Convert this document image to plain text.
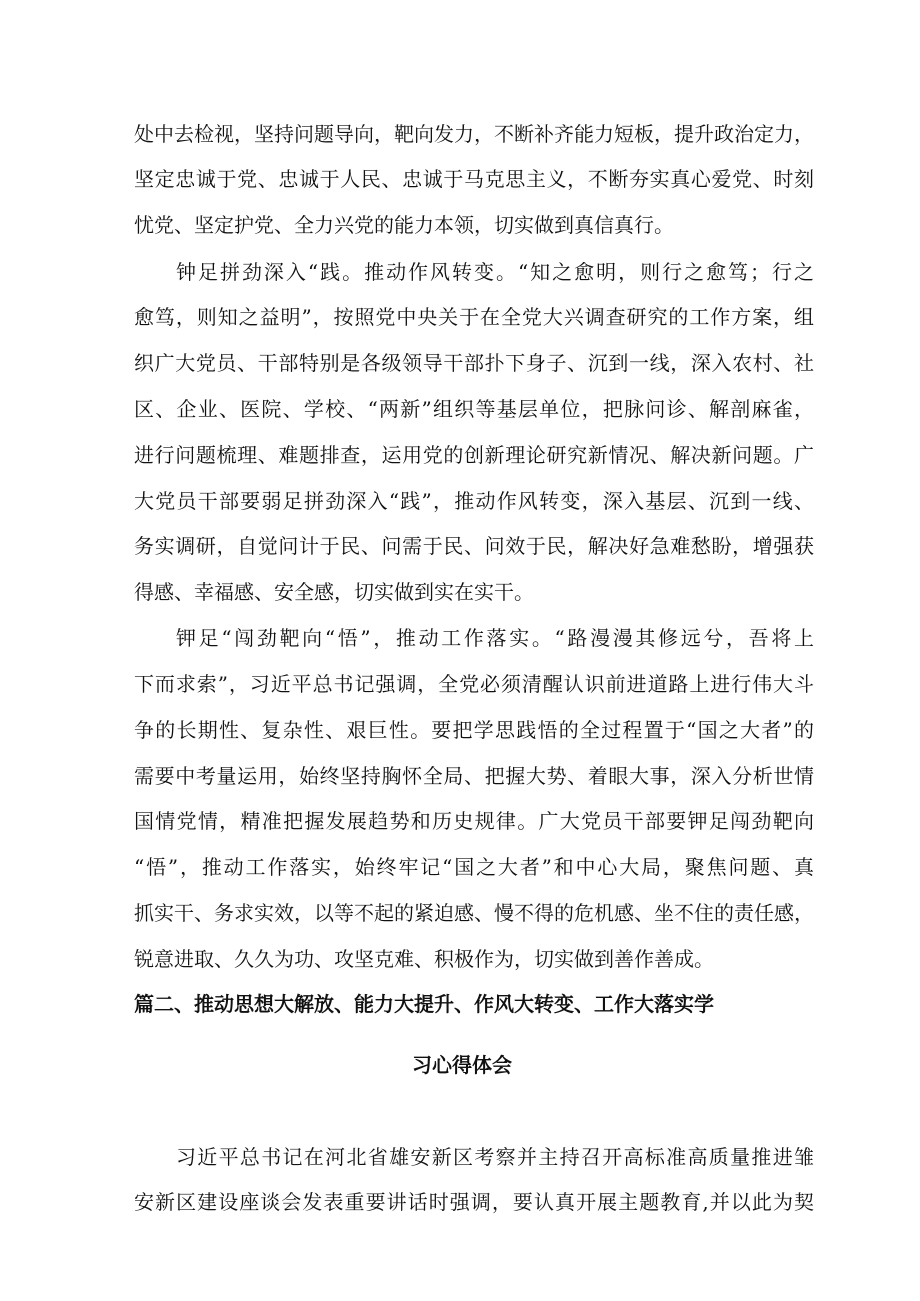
处中去检视，坚持问题导向，靶向发力，不断补齐能力短板，提升政治定力，
坚定忠诚于党、忠诚于人民、忠诚于马克思主义，不断夯实真心爱党、时刻
忧党、坚定护党、全力兴党的能力本领，切实做到真信真行。
钟足拼劲深入“践。推动作风转变。“知之愈明，则行之愈笃；行之
愈笃，则知之益明”，按照党中央关于在全党大兴调查研究的工作方案，组
织广大党员、干部特别是各级领导干部扑下身子、沉到一线，深入农村、社
区、企业、医院、学校、“两新”组织等基层单位，把脉问诊、解剖麻雀，
进行问题梳理、难题排查，运用党的创新理论研究新情况、解决新问题。广
大党员干部要弱足拼劲深入“践”，推动作风转变，深入基层、沉到一线、
务实调研，自觉问计于民、问需于民、问效于民，解决好急难愁盼，增强获
得感、幸福感、安全感，切实做到实在实干。
钾足“闯劲靶向“悟”，推动工作落实。“路漫漫其修远兮，吾将上
下而求索”，习近平总书记强调，全党必须清醒认识前进道路上进行伟大斗
争的长期性、复杂性、艰巨性。要把学思践悟的全过程置于“国之大者”的
需要中考量运用，始终坚持胸怀全局、把握大势、着眼大事，深入分析世情
国情党情，精准把握发展趋势和历史规律。广大党员干部要钾足闯劲靶向
“悟”，推动工作落实，始终牢记“国之大者”和中心大局，聚焦问题、真
抓实干、务求实效，以等不起的紧迫感、慢不得的危机感、坐不住的责任感，
锐意进取、久久为功、攻坚克难、积极作为，切实做到善作善成。
篇二、推动思想大解放、能力大提升、作风大转变、工作大落实学
习心得体会
习近平总书记在河北省雄安新区考察并主持召开高标准高质量推进雏
安新区建设座谈会发表重要讲话时强调，要认真开展主题教育,并以此为契
